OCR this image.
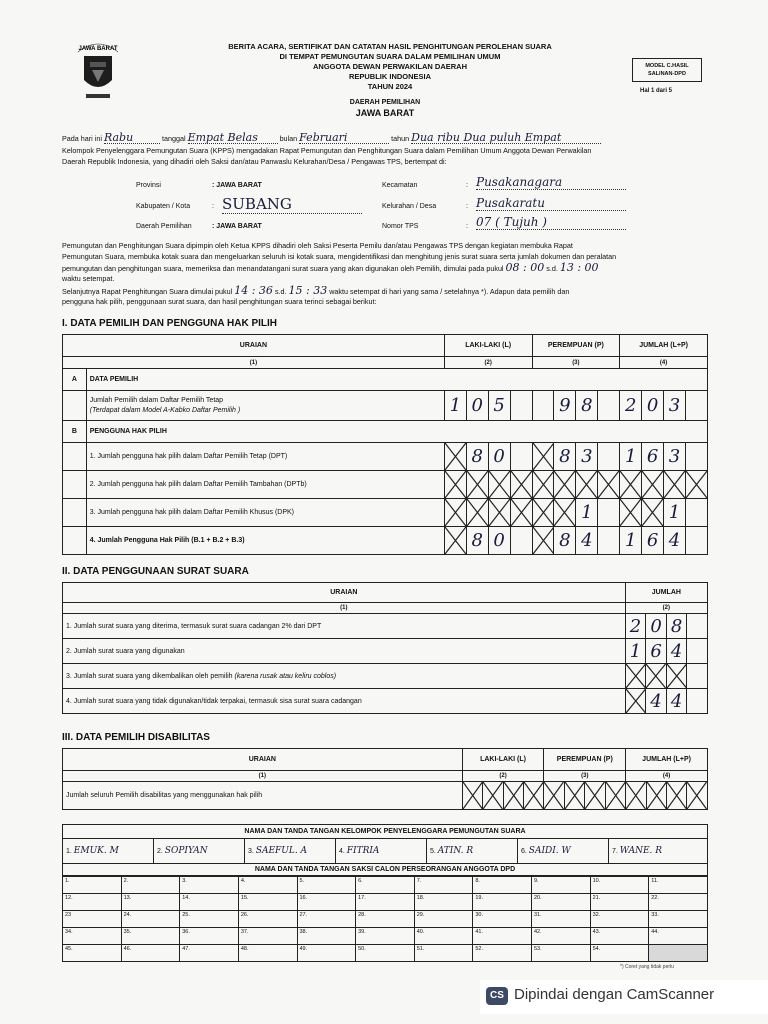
JAWA BARAT	BERITA ACARA, SERTIFIKAT DAN CATATAN HASIL PENGHITUNGAN PEROLEHAN SUARA
DI TEMPAT PEMUNGUTAN SUARA DALAM PEMILIHAN UMUM
ANGGOTA DEWAN PERWAKILAN DAERAH
REPUBLIK INDONESIA
TAHUN 2024
MODEL C.HASIL
SALINAN-DPD
Hal 1 dari 5
DAERAH PEMILIHAN
JAWA BARAT
Pada hari ini Rabu	tanggal Empat Belas	bulan Februari	tahun Dua ribu Dua puluh Empat
Kelompok Penyelenggara Pemungutan Suara (KPPS) mengadakan Rapat Pemungutan dan Penghitungan Suara dalam Pemilihan Umum Anggota Dewan Perwakilan
Daerah Republik Indonesia, yang dihadiri oleh Saksi dan/atau Panwaslu Kelurahan/Desa / Pengawas TPS, bertempat di:
Provinsi	: JAWA BARAT
Kabupaten / Kota	: SUBANG
Daerah Pemilihan	: JAWA BARAT
Kecamatan	: Pusakanagara
Kelurahan / Desa	: Pusakaratu
Nomor TPS	: 07 ( Tujuh )
Pemungutan dan Penghitungan Suara dipimpin oleh Ketua KPPS dihadiri oleh Saksi Peserta Pemilu dan/atau Pengawas TPS dengan kegiatan membuka Rapat
Pemungutan Suara, membuka kotak suara dan mengeluarkan seluruh isi kotak suara, mengidentifikasi dan menghitung jenis surat suara serta jumlah dokumen dan peralatan
pemungutan dan penghitungan suara, memeriksa dan menandatangani surat suara yang akan digunakan oleh Pemilih, dimulai pada pukul 08 : 00 s.d. 13 : 00
waktu setempat.
Selanjutnya Rapat Penghitungan Suara dimulai pukul 14 : 36 s.d. 15 : 33 waktu setempat di hari yang sama / setelahnya *). Adapun data pemilih dan
pengguna hak pilih, penggunaan surat suara, dan hasil penghitungan suara terinci sebagai berikut:
I. DATA PEMILIH DAN PENGGUNA HAK PILIH
URAIAN		LAKI-LAKI (L)				PEREMPUAN (P)				JUMLAH (L+P)			
(1)		(2)				(3)				(4)			
A	DATA PEMILIH												

	Jumlah Pemilih dalam Daftar Pemilih Tetap
(Terdapat dalam Model A-Kabko Daftar Pemilih )	1	0	5			9	8		2	0	3	
B	PENGGUNA HAK PILIH												
	1. Jumlah pengguna hak pilih dalam Daftar Pemilih Tetap (DPT)		8	0			8	3		1	6	3	
	2. Jumlah pengguna hak pilih dalam Daftar Pemilih Tambahan (DPTb)	

	3. Jumlah pengguna hak pilih dalam Daftar Pemilih Khusus (DPK)							1				1	
	4. Jumlah Pengguna Hak Pilih (B.1 + B.2 + B.3)		8	0			8	4		1	6	4	
II. DATA PENGGUNAAN SURAT SUARA
URAIAN	JUMLAH			
(1)	(2)			
1. Jumlah surat suara yang diterima, termasuk surat suara cadangan 2% dari DPT	2	0	8	
2. Jumlah surat suara yang digunakan	1	6	4	
3. Jumlah surat suara yang dikembalikan oleh pemilih (karena rusak atau keliru coblos)	

4. Jumlah surat suara yang tidak digunakan/tidak terpakai, termasuk sisa surat suara cadangan		4	4	
III. DATA PEMILIH DISABILITAS
URAIAN	LAKI-LAKI (L)				PEREMPUAN (P)				JUMLAH (L+P)			
(1)	(2)				(3)				(4)			
Jumlah seluruh Pemilih disabilitas yang menggunakan hak pilih	

NAMA DAN TANDA TANGAN KELOMPOK PENYELENGGARA PEMUNGUTAN SUARA
1. EMUK. M	2. SOPIYAN	3. SAEFUL. A	4. FITRIA	5. ATIN. R	6. SAIDI. W	7. WANE. R
NAMA DAN TANDA TANGAN SAKSI CALON PERSEORANGAN ANGGOTA DPD
1.	2.	3.	4.	5.	6.	7.	8.	9.	10.	11.
12.	13.	14.	15.	16.	17.	18.	19.	20.	21.	22.
23	24.	25.	26.	27.	28.	29.	30.	31.	32.	33.
34.	35.	36.	37.	38.	39.	40.	41.	42.	43.	44.
45.	46.	47.	48.	49.	50.	51.	52.	53.	54.	
*) Coret yang tidak perlu
CS Dipindai dengan CamScanner
